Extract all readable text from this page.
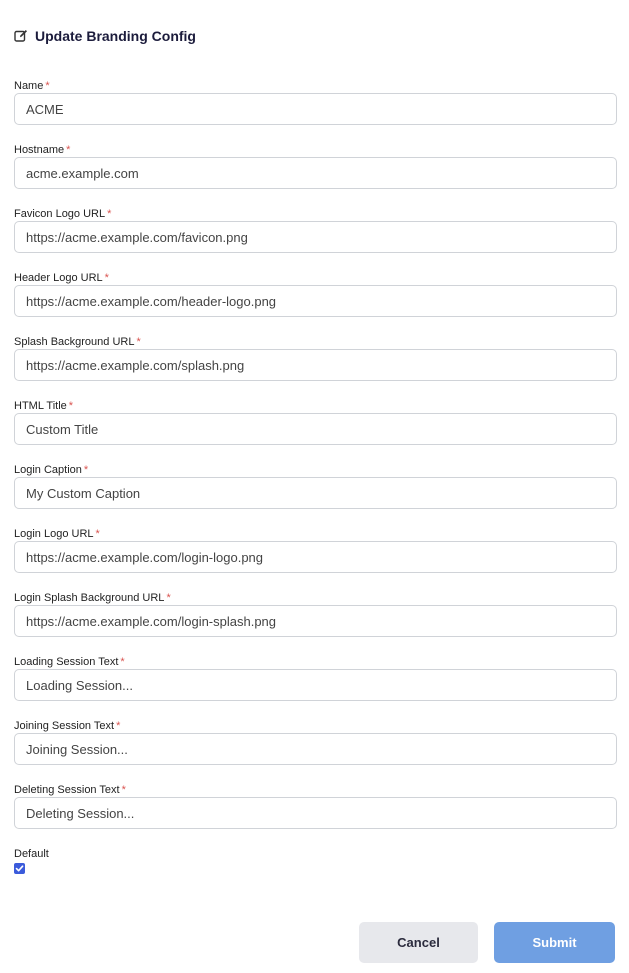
Update Branding Config
Name *
ACME
Hostname *
acme.example.com
Favicon Logo URL *
https://acme.example.com/favicon.png
Header Logo URL *
https://acme.example.com/header-logo.png
Splash Background URL *
https://acme.example.com/splash.png
HTML Title *
Custom Title
Login Caption *
My Custom Caption
Login Logo URL *
https://acme.example.com/login-logo.png
Login Splash Background URL *
https://acme.example.com/login-splash.png
Loading Session Text *
Loading Session...
Joining Session Text *
Joining Session...
Deleting Session Text *
Deleting Session...
Default
Cancel	Submit
